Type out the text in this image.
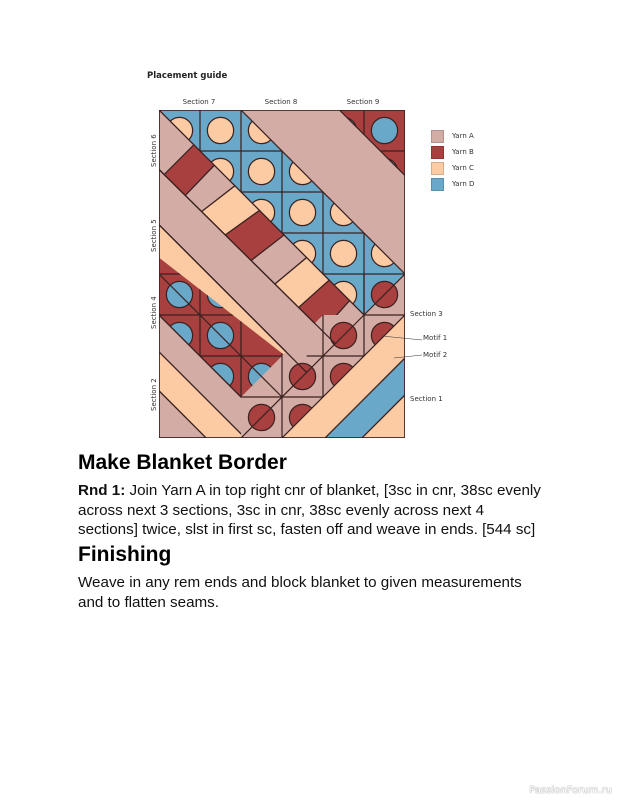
Placement guide
Section 7	Section 8	Section 9
Section 6
Section 5
Section 4
Section 2
Section 3
Motif 1
Motif 2
Section 1
Yarn A
Yarn B
Yarn C
Yarn D
Make Blanket Border

Rnd 1: Join Yarn A in top right cnr of blanket, [3sc in cnr, 38sc evenly across next 3 sections, 3sc in cnr, 38sc evenly across next 4 sections] twice, slst in first sc, fasten off and weave in ends. [544 sc]

Finishing

Weave in any rem ends and block blanket to given measurements and to flatten seams.

PassionForum.ru
